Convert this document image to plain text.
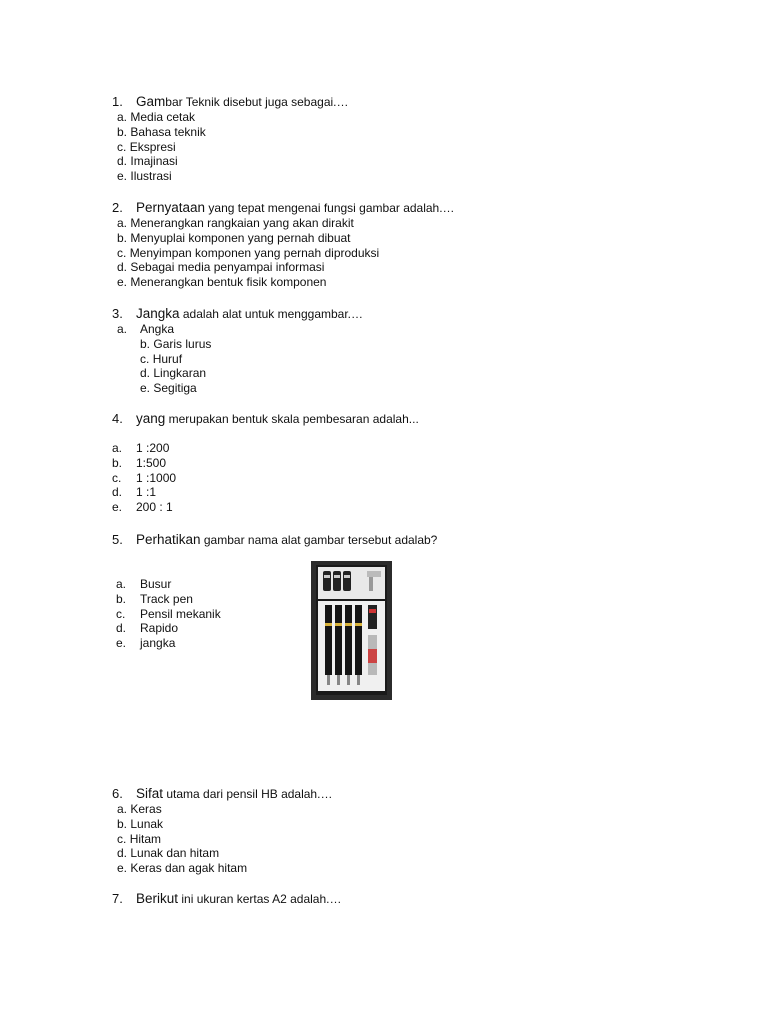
1. Gambar Teknik disebut juga sebagai.…
a. Media cetak
b. Bahasa teknik
c. Ekspresi
d. Imajinasi
e. Ilustrasi
2. Pernyataan yang tepat mengenai fungsi gambar adalah.…
a. Menerangkan rangkaian yang akan dirakit
b. Menyuplai komponen yang pernah dibuat
c. Menyimpan komponen yang pernah diproduksi
d. Sebagai media penyampai informasi
e. Menerangkan bentuk fisik komponen
3. Jangka adalah alat untuk menggambar.…
a. Angka
b. Garis lurus
c. Huruf
d. Lingkaran
e. Segitiga
4. yang merupakan bentuk skala pembesaran adalah...
a. 1 :200
b. 1:500
c. 1 :1000
d. 1 :1
e. 200 : 1
5. Perhatikan gambar nama alat gambar tersebut adalab?
a. Busur
b. Track pen
c. Pensil mekanik
d. Rapido
e. jangka
6. Sifat utama dari pensil HB adalah.…
a. Keras
b. Lunak
c. Hitam
d. Lunak dan hitam
e. Keras dan agak hitam
7. Berikut ini ukuran kertas A2 adalah.…
